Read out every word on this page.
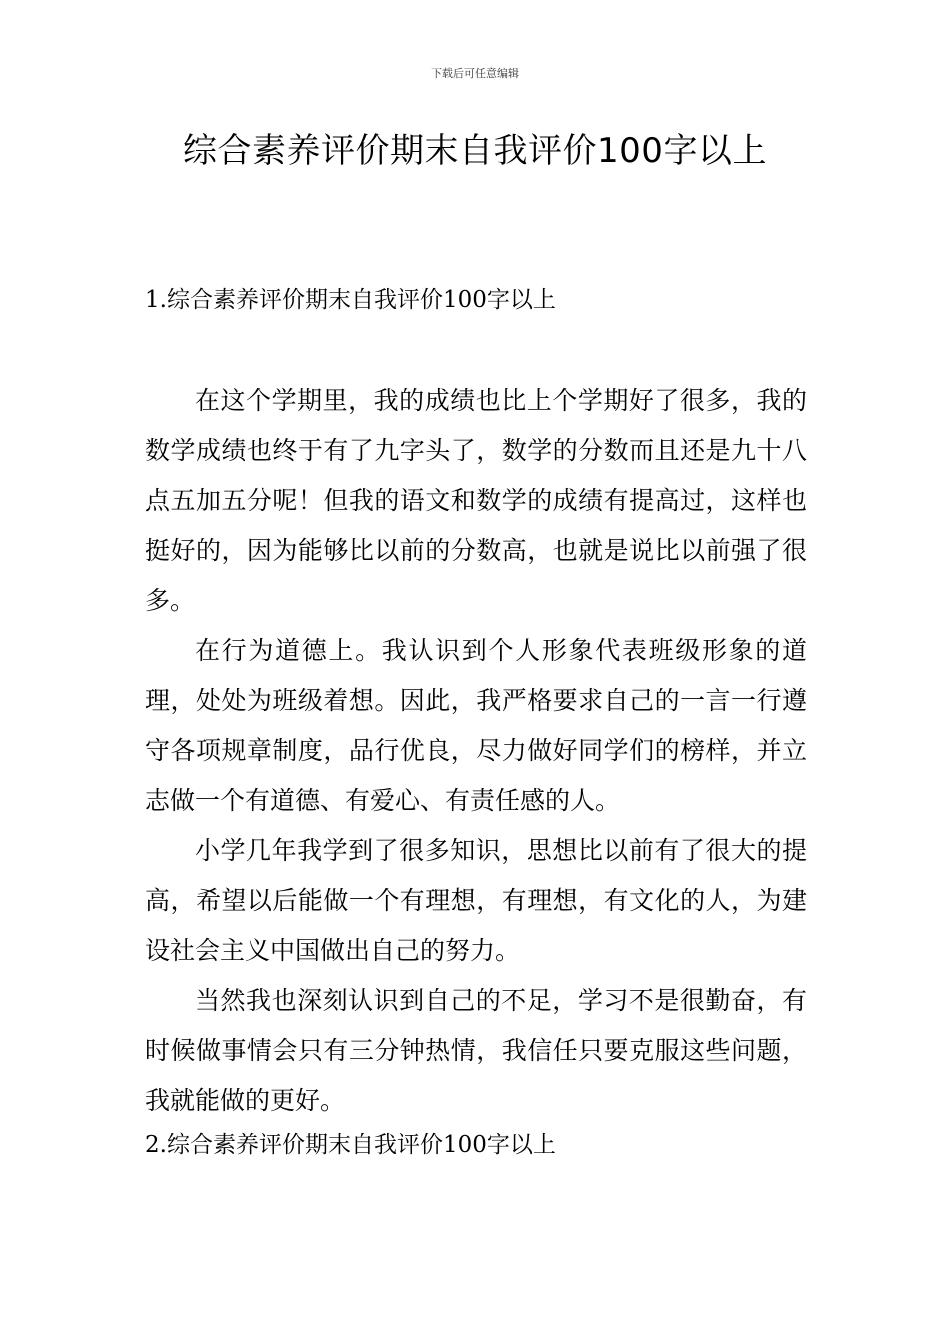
下载后可任意编辑
综合素养评价期末自我评价100字以上
1.综合素养评价期末自我评价100字以上

在这个学期里，我的成绩也比上个学期好了很多，我的数学成绩也终于有了九字头了，数学的分数而且还是九十八点五加五分呢！但我的语文和数学的成绩有提高过，这样也挺好的，因为能够比以前的分数高，也就是说比以前强了很多。

在行为道德上。我认识到个人形象代表班级形象的道理，处处为班级着想。因此，我严格要求自己的一言一行遵守各项规章制度，品行优良，尽力做好同学们的榜样，并立志做一个有道德、有爱心、有责任感的人。

小学几年我学到了很多知识，思想比以前有了很大的提高，希望以后能做一个有理想，有理想，有文化的人，为建设社会主义中国做出自己的努力。

当然我也深刻认识到自己的不足，学习不是很勤奋，有时候做事情会只有三分钟热情，我信任只要克服这些问题，我就能做的更好。

2.综合素养评价期末自我评价100字以上
